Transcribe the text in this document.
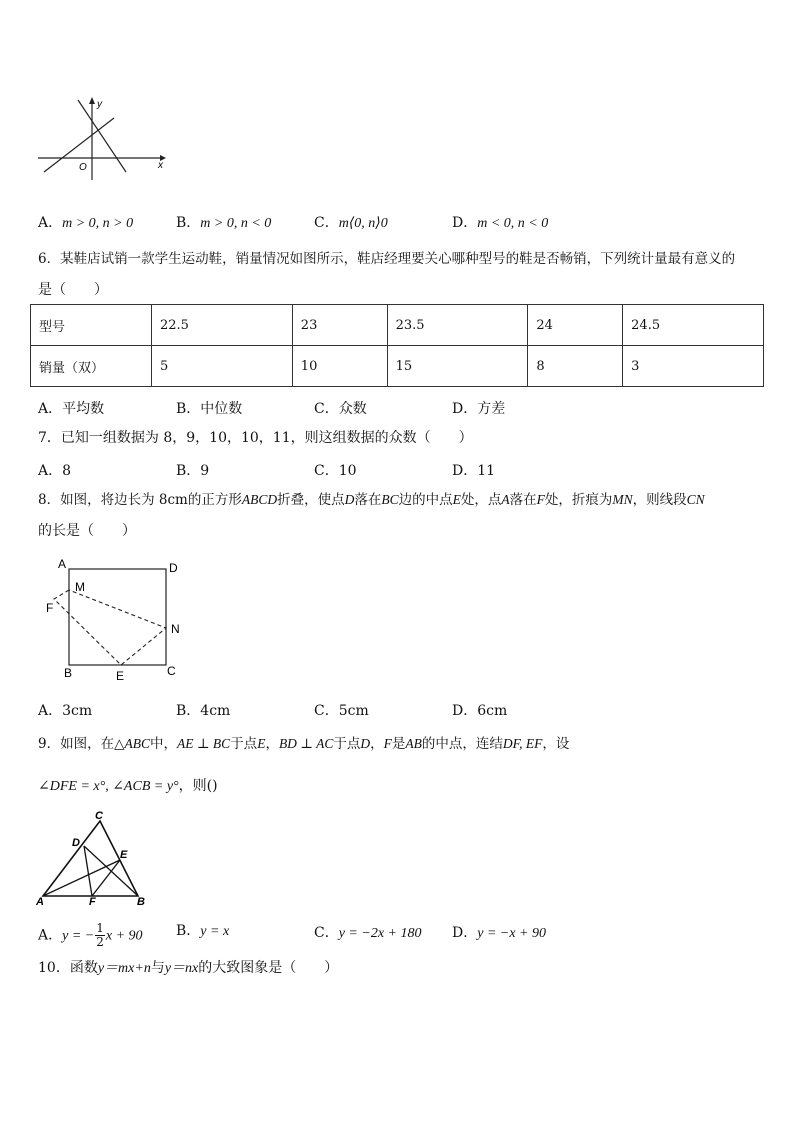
y
x
O
A．m > 0, n > 0	B．m > 0, n < 0	C．m⟨0, n⟩0	D．m < 0, n < 0
6．某鞋店试销一款学生运动鞋，销量情况如图所示，鞋店经理要关心哪种型号的鞋是否畅销，下列统计量最有意义的
是（　　）
型号	22.5	23	23.5	24	24.5
销量（双）	5	10	15	8	3
A．平均数	B．中位数	C．众数	D．方差
7．已知一组数据为 8，9，10，10，11，则这组数据的众数（　　）
A．8	B．9	C．10	D．11
8．如图，将边长为 8cm的正方形ABCD折叠，使点D落在BC边的中点E处，点A落在F处，折痕为MN，则线段CN
的长是（　　）
A	D
M
F
N
B	C
E
A．3cm	B．4cm	C．5cm	D．6cm
9．如图，在△ABC中，AE ⊥ BC于点E，BD ⊥ AC于点D，F是AB的中点，连结DF, EF，设
∠DFE = x°, ∠ACB = y°，则()
C
D
E
A	F	B
A．y = − $\frac{1}{2}$ x + 90 B．y = x	C．y = −2x + 180 D．y = −x + 90
10．函数y＝mx+n与y＝nx的大致图象是（　　）
